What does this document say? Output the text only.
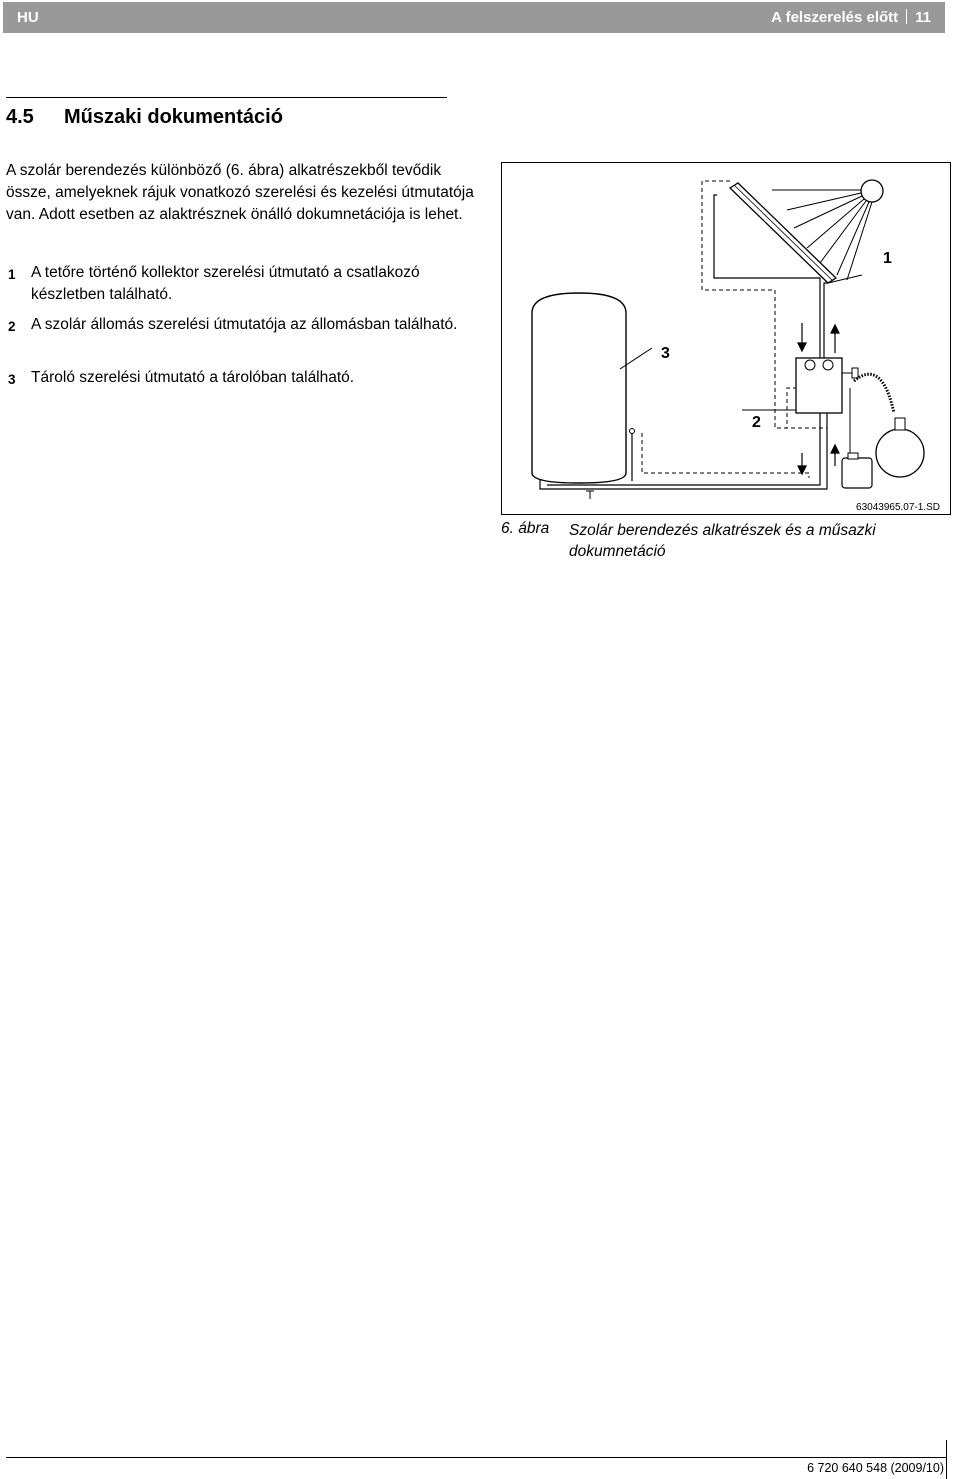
HU	A felszerelés előtt 11
4.5 Műszaki dokumentáció

A szolár berendezés különböző (6. ábra) alkatrészekből tevődik össze, amelyeknek rájuk vonatkozó szerelési és kezelési útmutatója van. Adott esetben az alaktrésznek önálló dokumnetációja is lehet.

1 A tetőre történő kollektor szerelési útmutató a csatlakozó készletben található.
2 A szolár állomás szerelési útmutatója az állomásban található.
3 Tároló szerelési útmutató a tárolóban található.
1
2
3
63043965.07-1.SD
6. ábra Szolár berendezés alkatrészek és a műsazki dokumnetáció
6 720 640 548 (2009/10)
